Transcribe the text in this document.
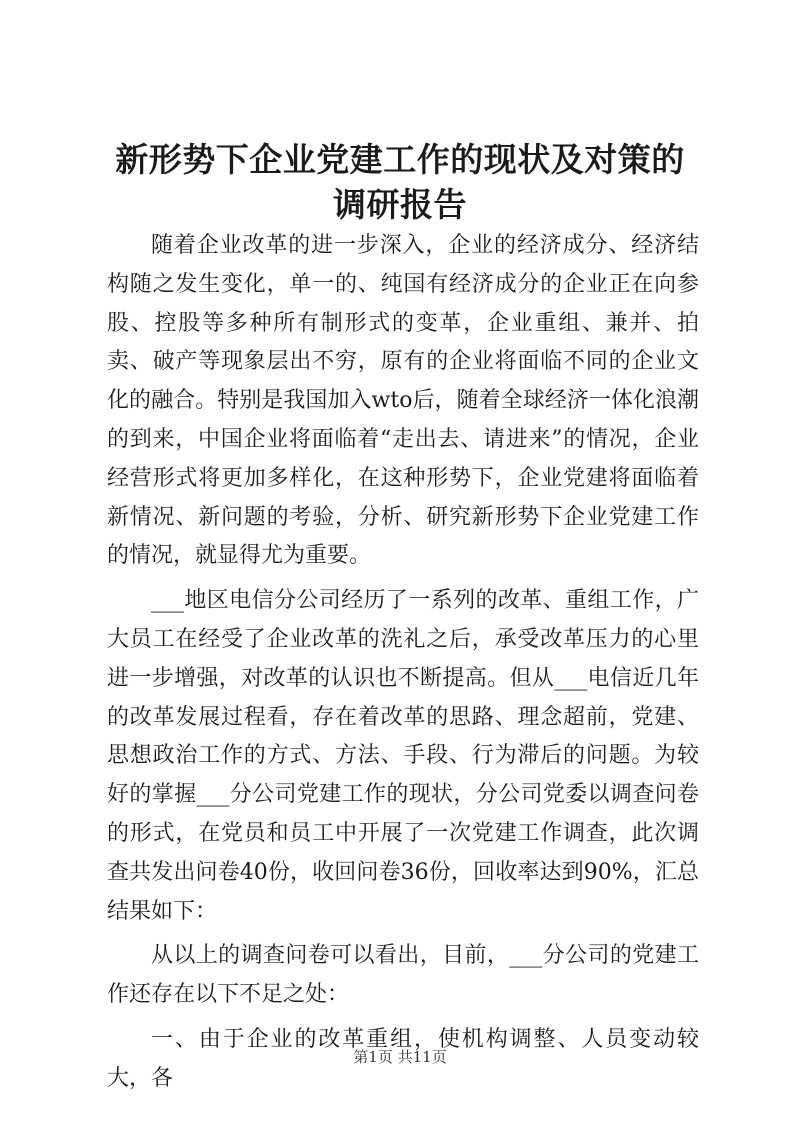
新形势下企业党建工作的现状及对策的调研报告

随着企业改革的进一步深入，企业的经济成分、经济结构随之发生变化，单一的、纯国有经济成分的企业正在向参股、控股等多种所有制形式的变革，企业重组、兼并、拍卖、破产等现象层出不穷，原有的企业将面临不同的企业文化的融合。特别是我国加入wto后，随着全球经济一体化浪潮的到来，中国企业将面临着“走出去、请进来”的情况，企业经营形式将更加多样化，在这种形势下，企业党建将面临着新情况、新问题的考验，分析、研究新形势下企业党建工作的情况，就显得尤为重要。

___地区电信分公司经历了一系列的改革、重组工作，广大员工在经受了企业改革的洗礼之后，承受改革压力的心里进一步增强，对改革的认识也不断提高。但从___电信近几年的改革发展过程看，存在着改革的思路、理念超前，党建、思想政治工作的方式、方法、手段、行为滞后的问题。为较好的掌握___分公司党建工作的现状，分公司党委以调查问卷的形式，在党员和员工中开展了一次党建工作调查，此次调查共发出问卷40份，收回问卷36份，回收率达到90%，汇总结果如下：

从以上的调查问卷可以看出，目前，___分公司的党建工作还存在以下不足之处：

一、由于企业的改革重组，使机构调整、人员变动较大，各

第1页 共11页
